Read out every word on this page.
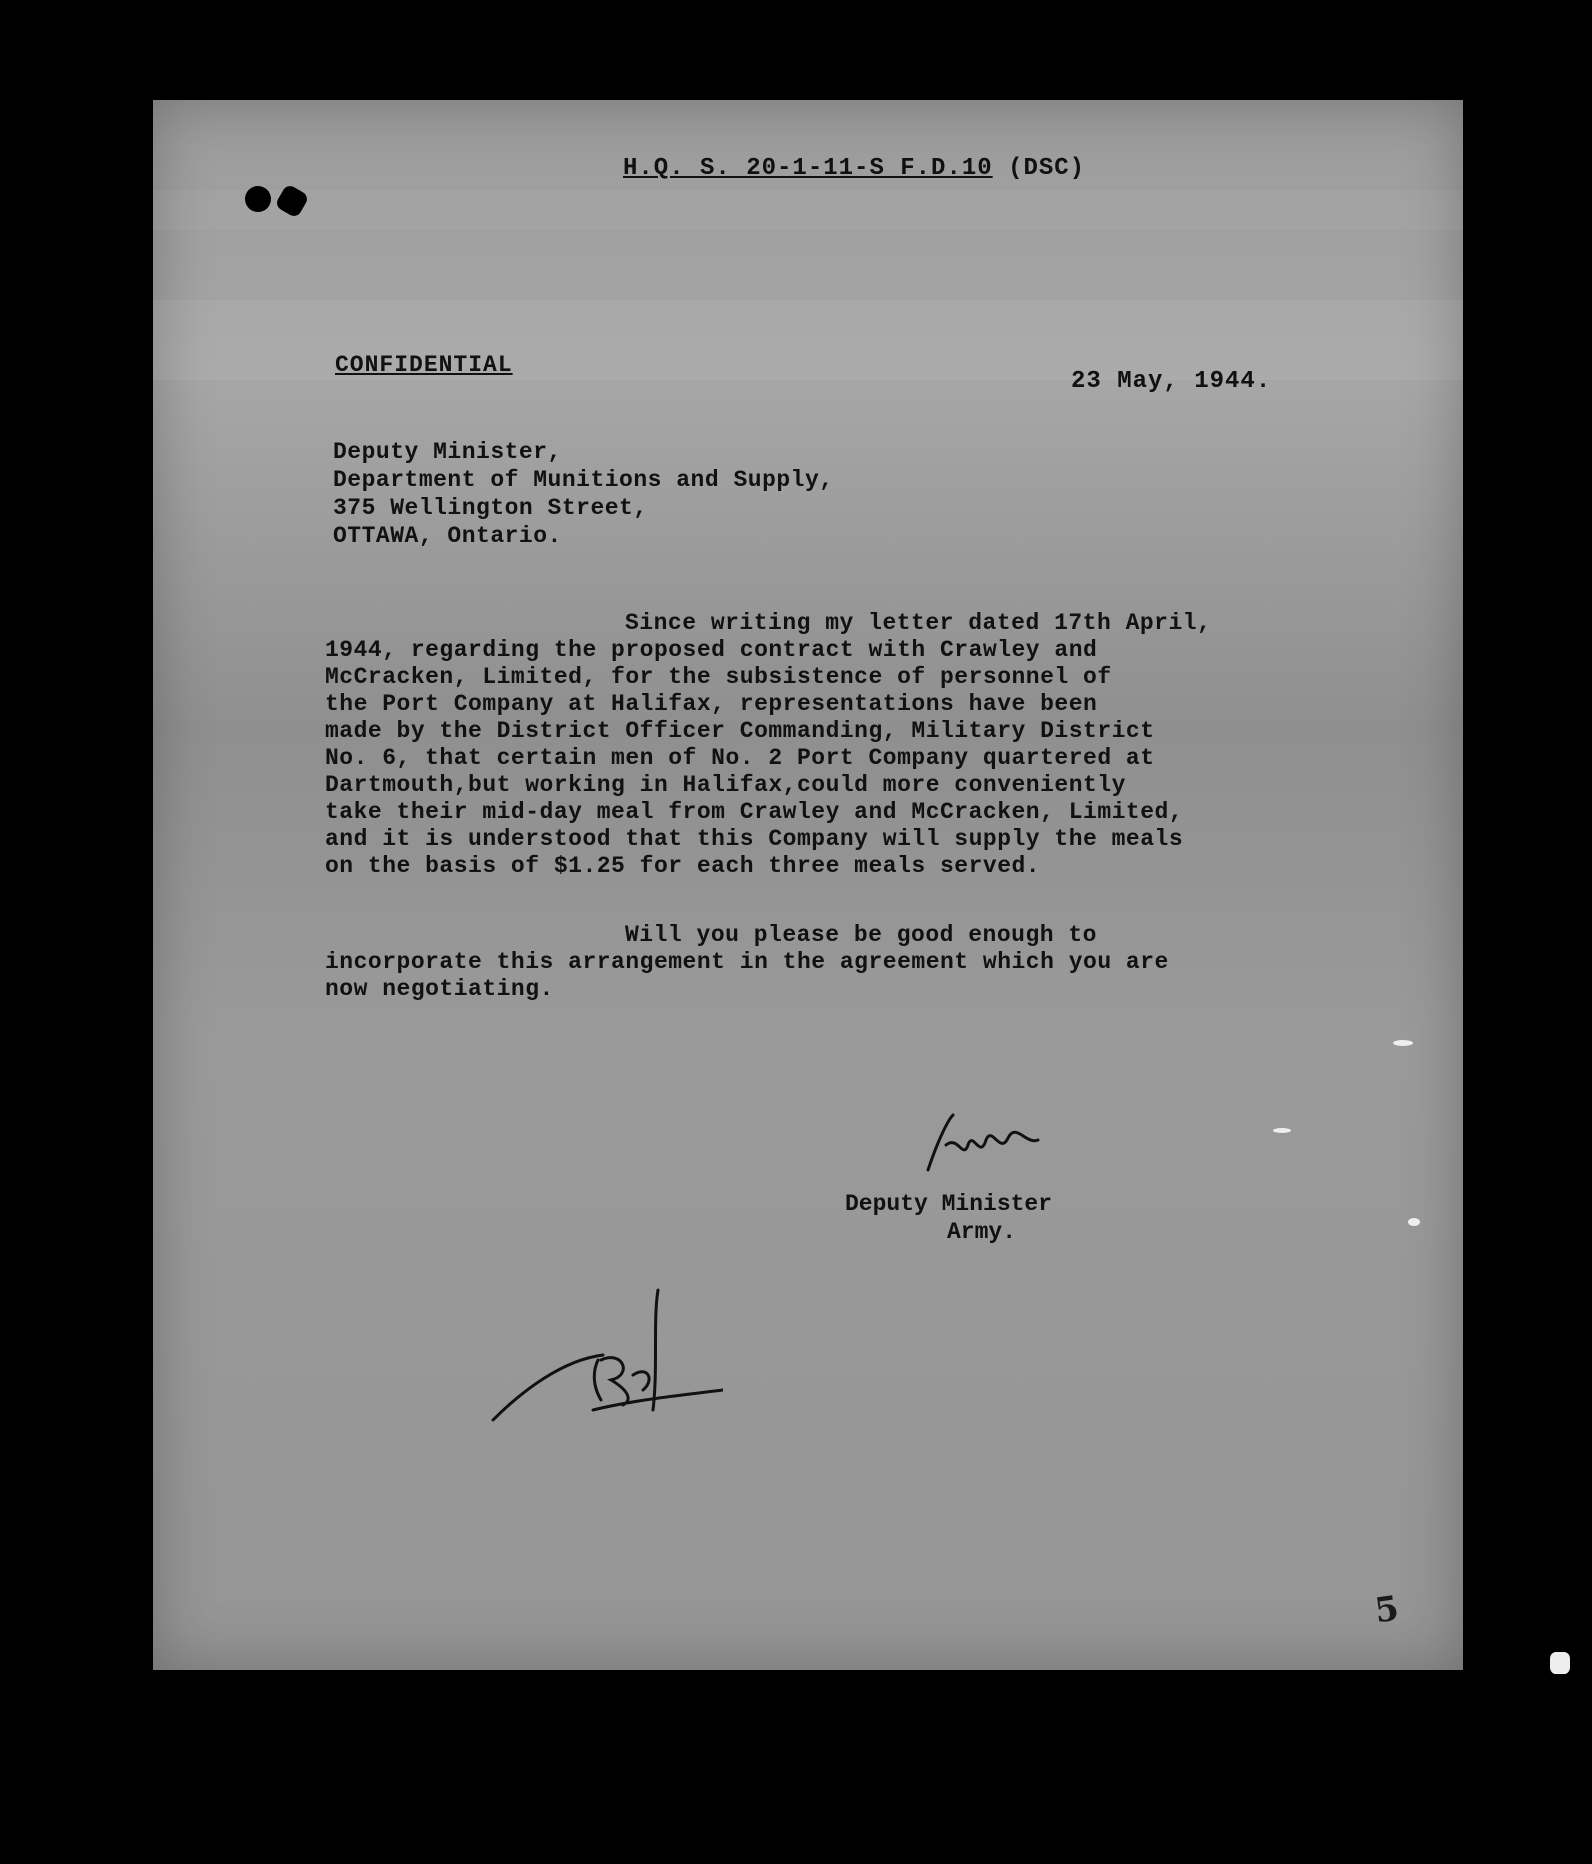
H.Q. S. 20-1-11-S F.D.10 (DSC)
CONFIDENTIAL
23 May, 1944.
Deputy Minister,
Department of Munitions and Supply,
375 Wellington Street,
OTTAWA, Ontario.
Since writing my letter dated 17th April,
1944, regarding the proposed contract with Crawley and
McCracken, Limited, for the subsistence of personnel of
the Port Company at Halifax, representations have been
made by the District Officer Commanding, Military District
No. 6, that certain men of No. 2 Port Company quartered at
Dartmouth,but working in Halifax,could more conveniently
take their mid-day meal from Crawley and McCracken, Limited,
and it is understood that this Company will supply the meals
on the basis of $1.25 for each three meals served.
Will you please be good enough to
incorporate this arrangement in the agreement which you are
now negotiating.
Deputy Minister
Army.
5
